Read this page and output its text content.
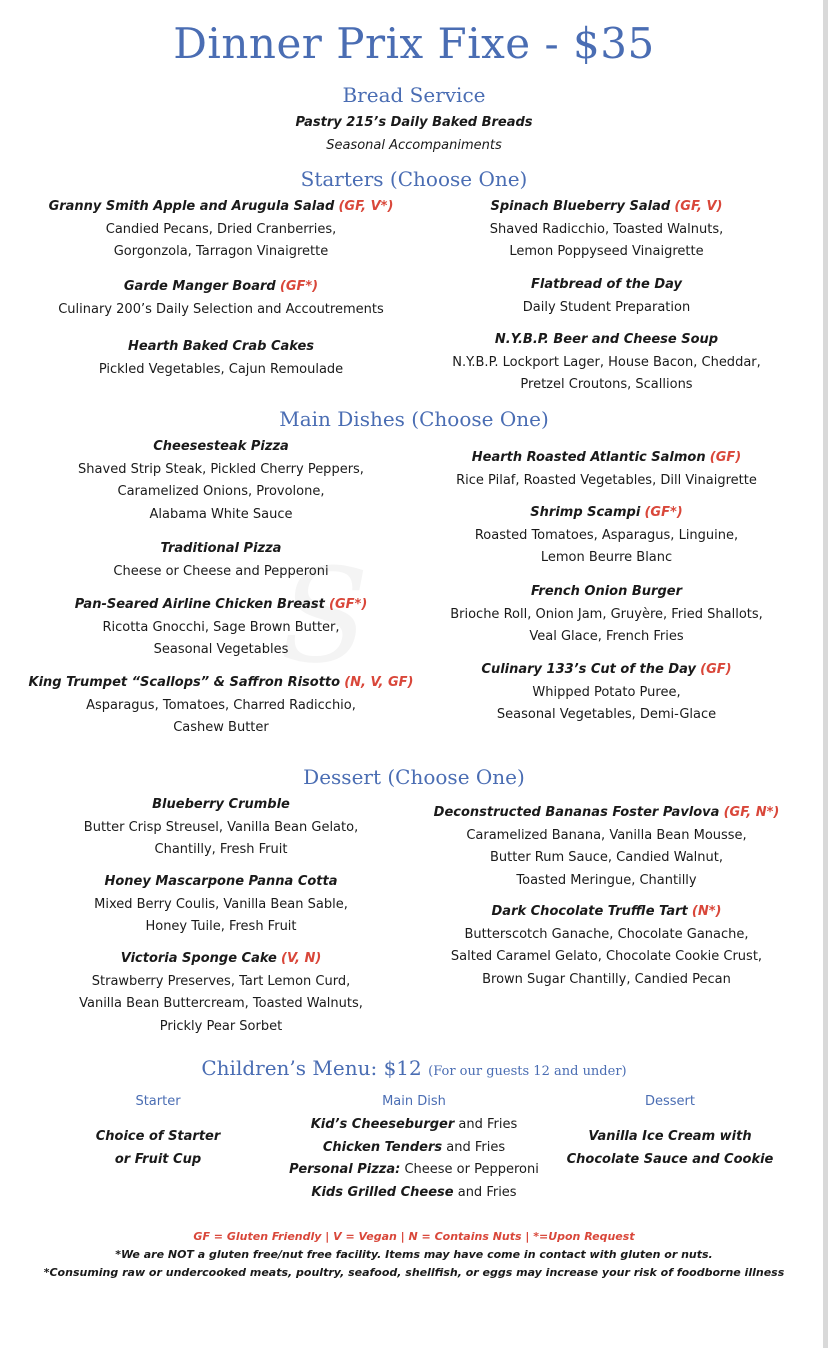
Dinner Prix Fixe - $35
Bread Service
Pastry 215’s Daily Baked Breads
Seasonal Accompaniments
Starters (Choose One)
Granny Smith Apple and Arugula Salad (GF, V*)
Candied Pecans, Dried Cranberries,
Gorgonzola, Tarragon Vinaigrette
Garde Manger Board (GF*)
Culinary 200’s Daily Selection and Accoutrements
Hearth Baked Crab Cakes
Pickled Vegetables, Cajun Remoulade
Spinach Blueberry Salad (GF, V)
Shaved Radicchio, Toasted Walnuts,
Lemon Poppyseed Vinaigrette
Flatbread of the Day
Daily Student Preparation
N.Y.B.P. Beer and Cheese Soup
N.Y.B.P. Lockport Lager, House Bacon, Cheddar,
Pretzel Croutons, Scallions
Main Dishes (Choose One)
Cheesesteak Pizza
Shaved Strip Steak, Pickled Cherry Peppers,
Caramelized Onions, Provolone,
Alabama White Sauce
Traditional Pizza
Cheese or Cheese and Pepperoni
Pan-Seared Airline Chicken Breast (GF*)
Ricotta Gnocchi, Sage Brown Butter,
Seasonal Vegetables
King Trumpet “Scallops” & Saffron Risotto (N, V, GF)
Asparagus, Tomatoes, Charred Radicchio,
Cashew Butter
Hearth Roasted Atlantic Salmon (GF)
Rice Pilaf, Roasted Vegetables, Dill Vinaigrette
Shrimp Scampi (GF*)
Roasted Tomatoes, Asparagus, Linguine,
Lemon Beurre Blanc
French Onion Burger
Brioche Roll, Onion Jam, Gruyère, Fried Shallots,
Veal Glace, French Fries
Culinary 133’s Cut of the Day (GF)
Whipped Potato Puree,
Seasonal Vegetables, Demi-Glace
Dessert (Choose One)
Blueberry Crumble
Butter Crisp Streusel, Vanilla Bean Gelato,
Chantilly, Fresh Fruit
Honey Mascarpone Panna Cotta
Mixed Berry Coulis, Vanilla Bean Sable,
Honey Tuile, Fresh Fruit
Victoria Sponge Cake (V, N)
Strawberry Preserves, Tart Lemon Curd,
Vanilla Bean Buttercream, Toasted Walnuts,
Prickly Pear Sorbet
Deconstructed Bananas Foster Pavlova (GF, N*)
Caramelized Banana, Vanilla Bean Mousse,
Butter Rum Sauce, Candied Walnut,
Toasted Meringue, Chantilly
Dark Chocolate Truffle Tart (N*)
Butterscotch Ganache, Chocolate Ganache,
Salted Caramel Gelato, Chocolate Cookie Crust,
Brown Sugar Chantilly, Candied Pecan
Children’s Menu: $12 (For our guests 12 and under)
Starter	Main Dish	Dessert
Choice of Starter
or Fruit Cup
Kid’s Cheeseburger and Fries
Chicken Tenders and Fries
Personal Pizza: Cheese or Pepperoni
Kids Grilled Cheese and Fries
Vanilla Ice Cream with
Chocolate Sauce and Cookie
GF = Gluten Friendly | V = Vegan | N = Contains Nuts | *=Upon Request
*We are NOT a gluten free/nut free facility. Items may have come in contact with gluten or nuts.
*Consuming raw or undercooked meats, poultry, seafood, shellfish, or eggs may increase your risk of foodborne illness
